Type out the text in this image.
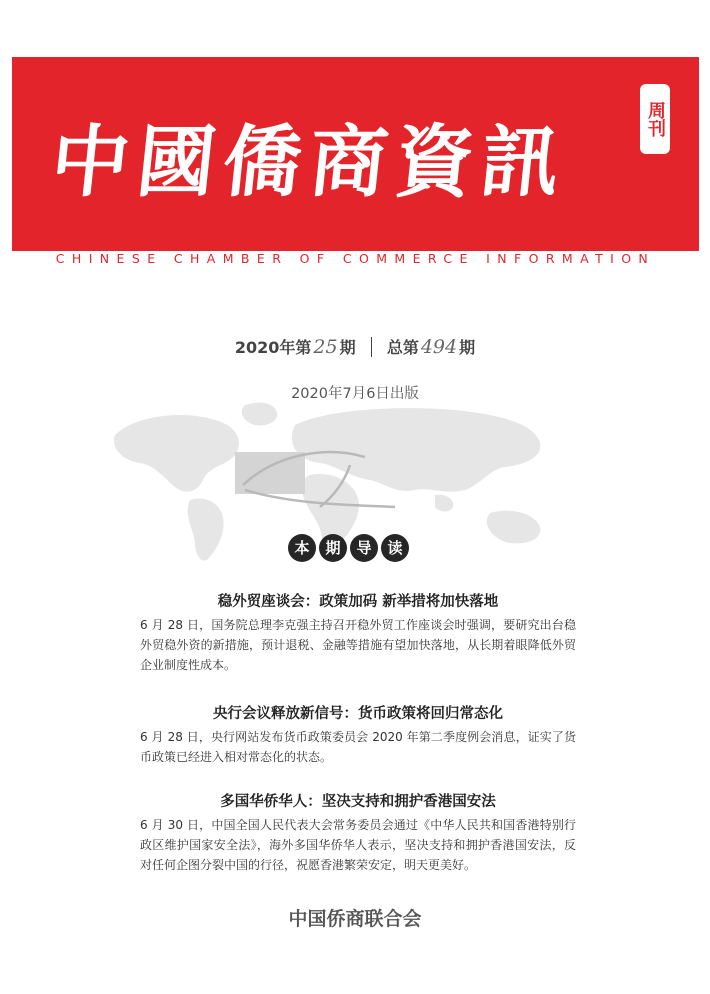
中國僑商資訊	周刊
CHINESE CHAMBER OF COMMERCE INFORMATION
2020年第 25 期 总第 494 期
2020年7月6日出版
本	期	导	读
稳外贸座谈会：政策加码 新举措将加快落地

6 月 28 日，国务院总理李克强主持召开稳外贸工作座谈会时强调，要研究出台稳外贸稳外资的新措施，预计退税、金融等措施有望加快落地，从长期着眼降低外贸企业制度性成本。

央行会议释放新信号：货币政策将回归常态化

6 月 28 日，央行网站发布货币政策委员会 2020 年第二季度例会消息，证实了货币政策已经进入相对常态化的状态。

多国华侨华人：坚决支持和拥护香港国安法

6 月 30 日，中国全国人民代表大会常务委员会通过《中华人民共和国香港特别行政区维护国家安全法》，海外多国华侨华人表示，坚决支持和拥护香港国安法，反对任何企图分裂中国的行径，祝愿香港繁荣安定，明天更美好。

中国侨商联合会
